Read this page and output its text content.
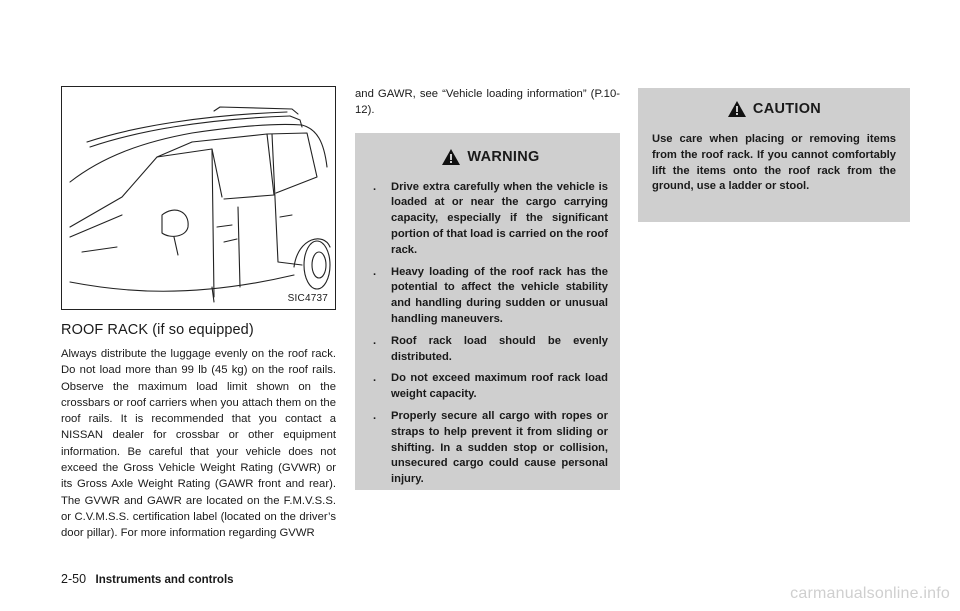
SIC4737
ROOF RACK (if so equipped)

Always distribute the luggage evenly on the roof rack. Do not load more than 99 lb (45 kg) on the roof rails. Observe the maximum load limit shown on the crossbars or roof carriers when you attach them on the roof rails. It is recommended that you contact a NISSAN dealer for crossbar or other equipment information. Be careful that your vehicle does not exceed the Gross Vehicle Weight Rating (GVWR) or its Gross Axle Weight Rating (GAWR front and rear). The GVWR and GAWR are located on the F.M.V.S.S. or C.V.M.S.S. certification label (located on the driver’s door pillar). For more information regarding GVWR

and GAWR, see “Vehicle loading information” (P.10-12).

WARNING
. Drive extra carefully when the vehicle is loaded at or near the cargo carrying capacity, especially if the significant portion of that load is carried on the roof rack.
. Heavy loading of the roof rack has the potential to affect the vehicle stability and handling during sudden or unusual handling maneuvers.
. Roof rack load should be evenly distributed.
. Do not exceed maximum roof rack load weight capacity.
. Properly secure all cargo with ropes or straps to help prevent it from sliding or shifting. In a sudden stop or collision, unsecured cargo could cause personal injury.
CAUTION

Use care when placing or removing items from the roof rack. If you cannot comfortably lift the items onto the roof rack from the ground, use a ladder or stool.

2-50 Instruments and controls
carmanualsonline.info
